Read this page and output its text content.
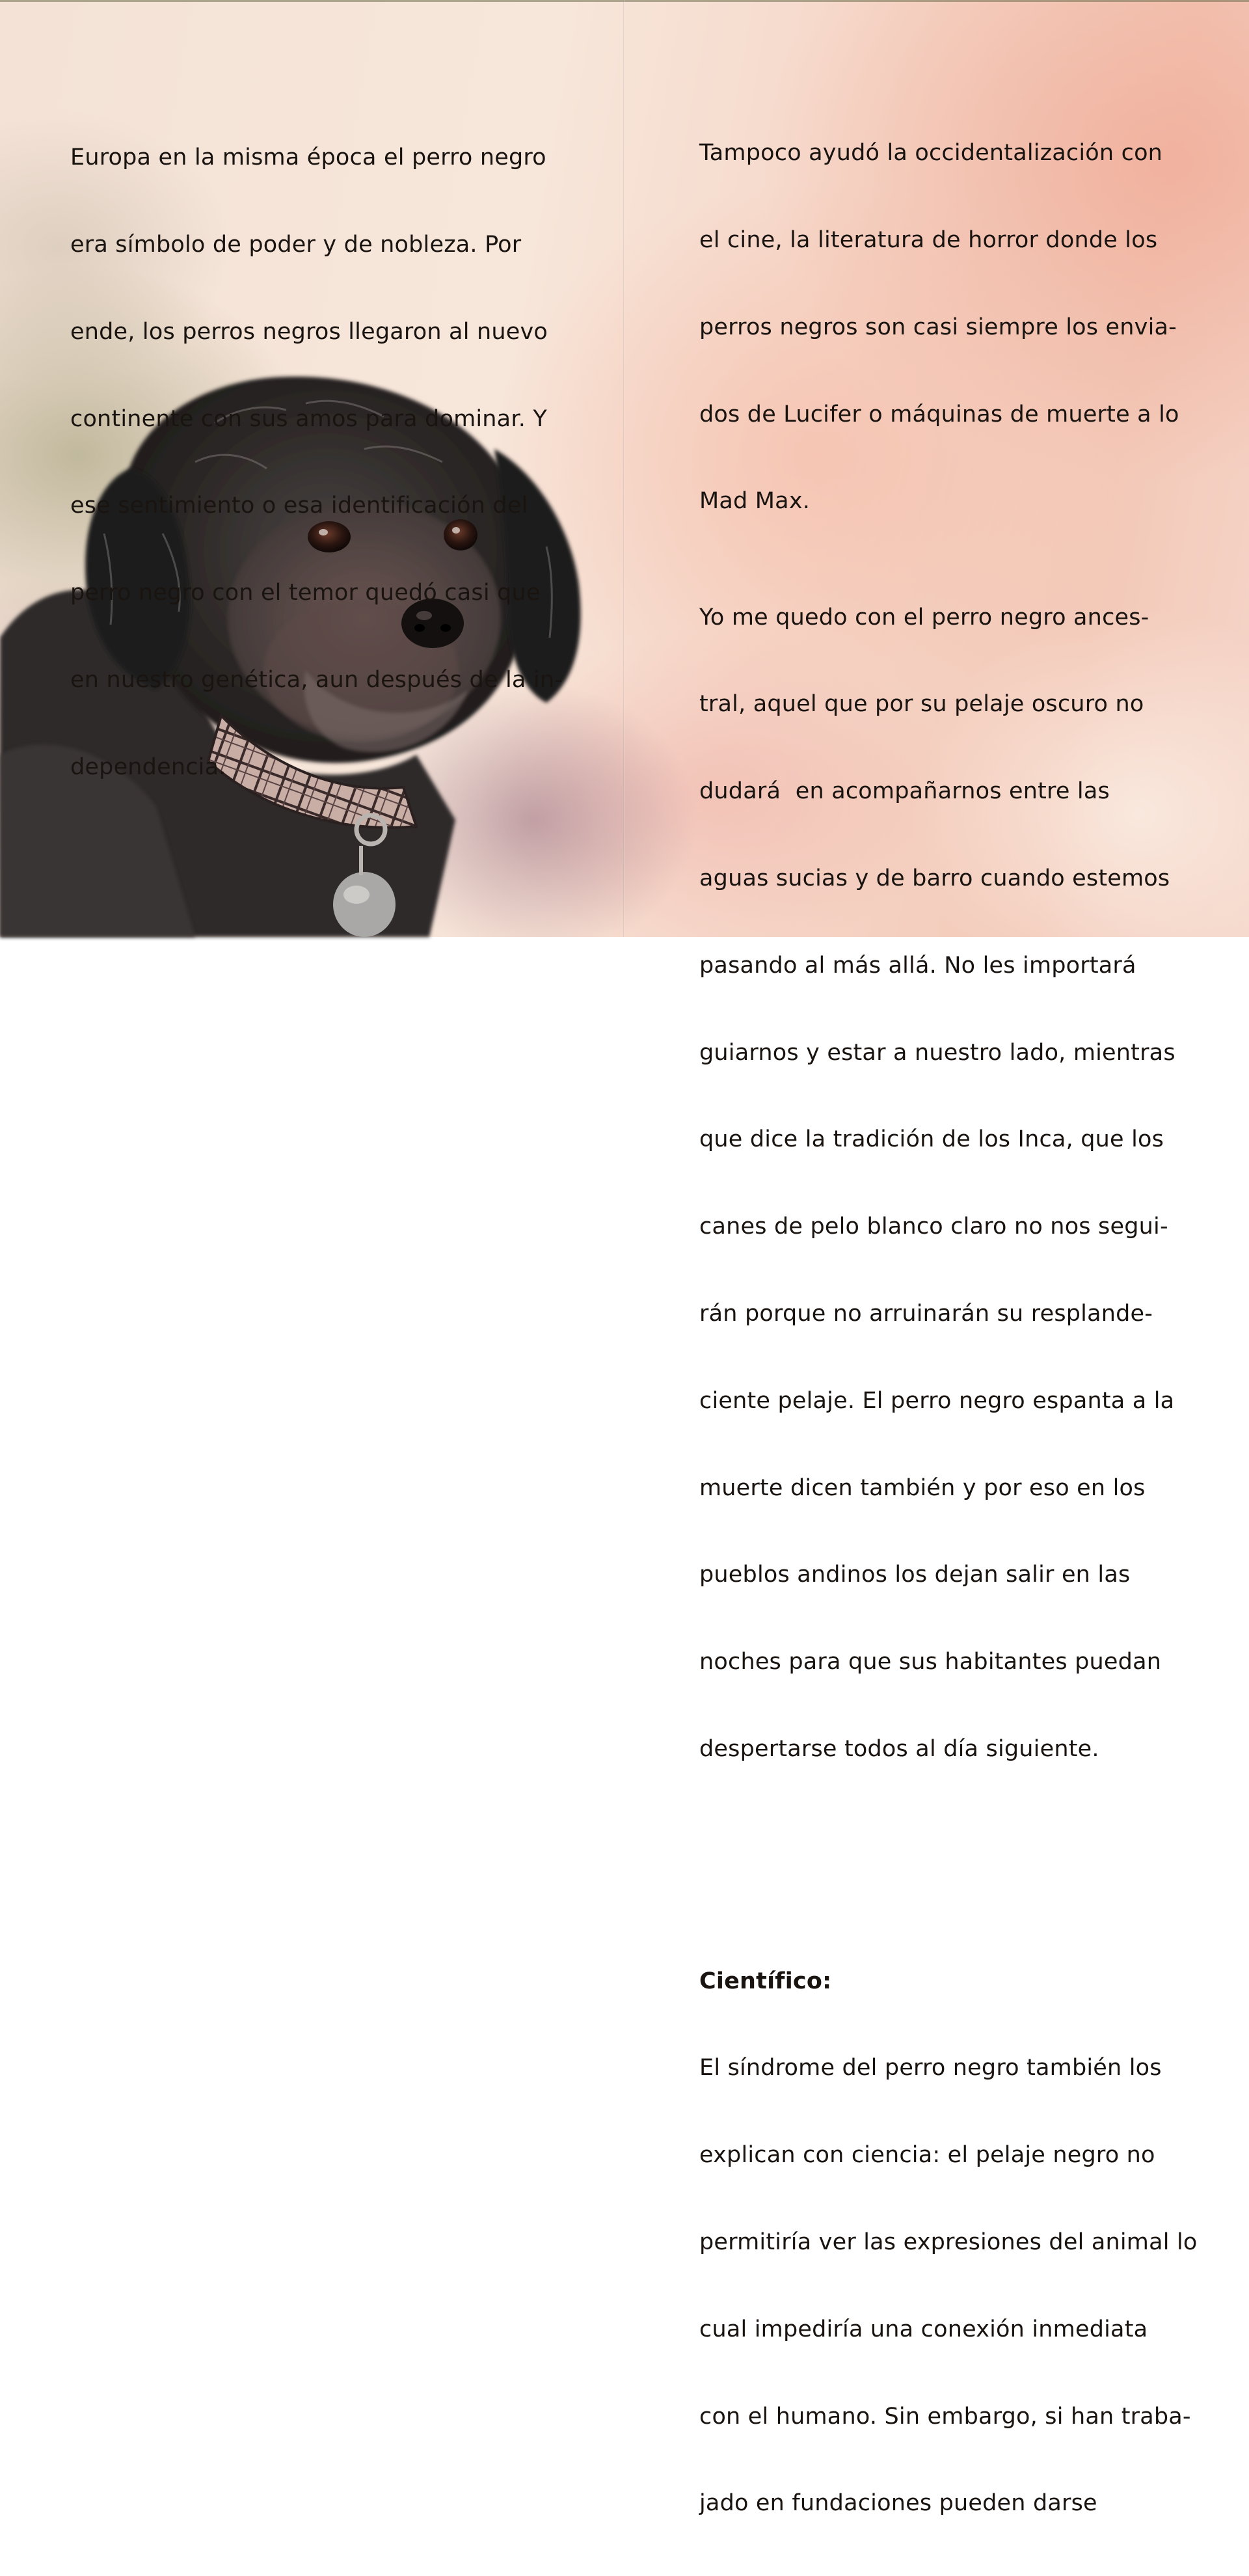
Europa en la misma época el perro negro

era símbolo de poder y de nobleza. Por

ende, los perros negros llegaron al nuevo

continente con sus amos para dominar. Y

ese sentimiento o esa identificación del

perro negro con el temor quedó casi que

en nuestro genética, aun después de la in-

dependencia.

Tampoco ayudó la occidentalización con

el cine, la literatura de horror donde los

perros negros son casi siempre los envia-

dos de Lucifer o máquinas de muerte a lo

Mad Max.

Yo me quedo con el perro negro ances-

tral, aquel que por su pelaje oscuro no

dudará  en acompañarnos entre las

aguas sucias y de barro cuando estemos

pasando al más allá. No les importará

guiarnos y estar a nuestro lado, mientras

que dice la tradición de los Inca, que los

canes de pelo blanco claro no nos segui-

rán porque no arruinarán su resplande-

ciente pelaje. El perro negro espanta a la

muerte dicen también y por eso en los

pueblos andinos los dejan salir en las

noches para que sus habitantes puedan

despertarse todos al día siguiente.

Científico:

El síndrome del perro negro también los

explican con ciencia: el pelaje negro no

permitiría ver las expresiones del animal lo

cual impediría una conexión inmediata

con el humano. Sin embargo, si han traba-

jado en fundaciones pueden darse
